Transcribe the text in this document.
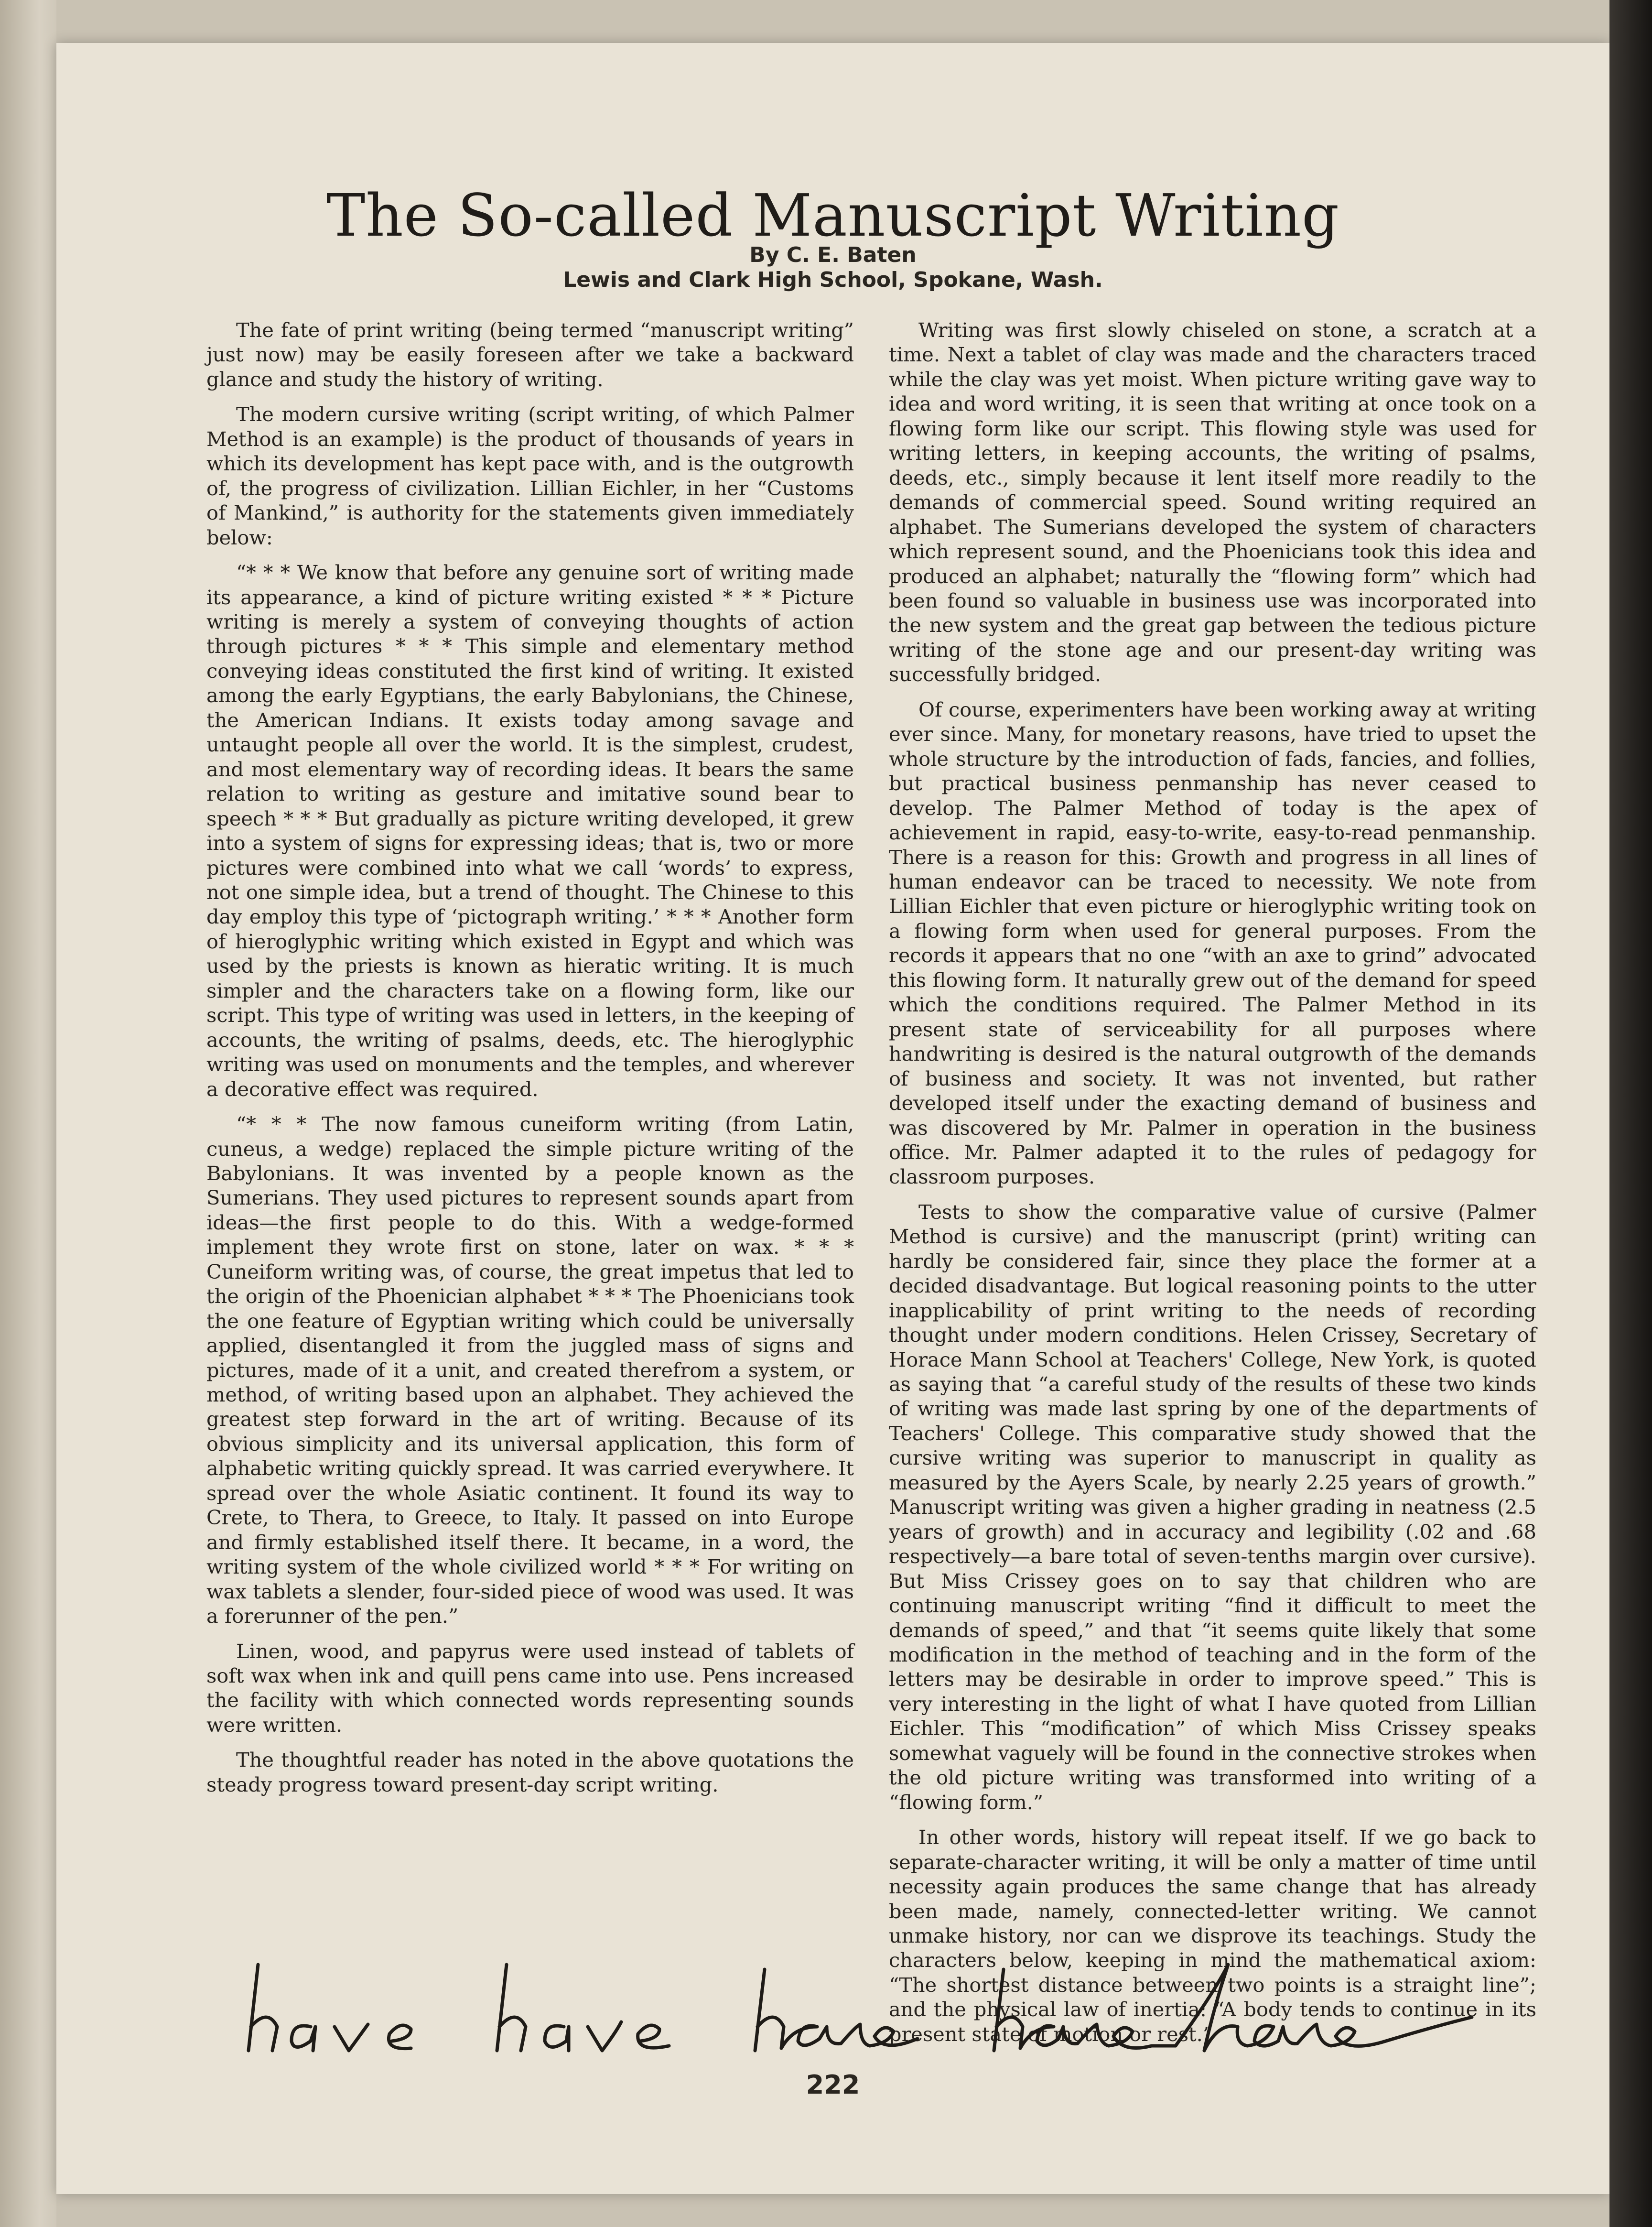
The So-called Manuscript Writing
By C. E. Baten
Lewis and Clark High School, Spokane, Wash.

The fate of print writing (being termed “manuscript writing” just now) may be easily foreseen after we take a backward glance and study the history of writing.

The modern cursive writing (script writing, of which Palmer Method is an example) is the product of thousands of years in which its development has kept pace with, and is the outgrowth of, the progress of civilization. Lillian Eichler, in her “Customs of Mankind,” is authority for the statements given immediately below:

“* * * We know that before any genuine sort of writing made its appearance, a kind of picture writing existed * * * Picture writing is merely a system of conveying thoughts of action through pictures * * * This simple and elementary method conveying ideas constituted the first kind of writing. It existed among the early Egyptians, the early Babylonians, the Chinese, the American Indians. It exists today among savage and untaught people all over the world. It is the simplest, crudest, and most elementary way of recording ideas. It bears the same relation to writing as gesture and imitative sound bear to speech * * * But gradually as picture writing developed, it grew into a system of signs for expressing ideas; that is, two or more pictures were combined into what we call ‘words’ to express, not one simple idea, but a trend of thought. The Chinese to this day employ this type of ‘pictograph writing.’ * * * Another form of hieroglyphic writing which existed in Egypt and which was used by the priests is known as hieratic writing. It is much simpler and the characters take on a flowing form, like our script. This type of writing was used in letters, in the keeping of accounts, the writing of psalms, deeds, etc. The hieroglyphic writing was used on monuments and the temples, and wherever a decorative effect was required.

“* * * The now famous cuneiform writing (from Latin, cuneus, a wedge) replaced the simple picture writing of the Babylonians. It was invented by a people known as the Sumerians. They used pictures to represent sounds apart from ideas—the first people to do this. With a wedge-formed implement they wrote first on stone, later on wax. * * * Cuneiform writing was, of course, the great impetus that led to the origin of the Phoenician alphabet * * * The Phoenicians took the one feature of Egyptian writing which could be universally applied, disentangled it from the juggled mass of signs and pictures, made of it a unit, and created therefrom a system, or method, of writing based upon an alphabet. They achieved the greatest step forward in the art of writing. Because of its obvious simplicity and its universal application, this form of alphabetic writing quickly spread. It was carried everywhere. It spread over the whole Asiatic continent. It found its way to Crete, to Thera, to Greece, to Italy. It passed on into Europe and firmly established itself there. It became, in a word, the writing system of the whole civilized world * * * For writing on wax tablets a slender, four-sided piece of wood was used. It was a forerunner of the pen.”

Linen, wood, and papyrus were used instead of tablets of soft wax when ink and quill pens came into use. Pens increased the facility with which connected words representing sounds were written.

The thoughtful reader has noted in the above quotations the steady progress toward present-day script writing.

Writing was first slowly chiseled on stone, a scratch at a time. Next a tablet of clay was made and the characters traced while the clay was yet moist. When picture writing gave way to idea and word writing, it is seen that writing at once took on a flowing form like our script. This flowing style was used for writing letters, in keeping accounts, the writing of psalms, deeds, etc., simply because it lent itself more readily to the demands of commercial speed. Sound writing required an alphabet. The Sumerians developed the system of characters which represent sound, and the Phoenicians took this idea and produced an alphabet; naturally the “flowing form” which had been found so valuable in business use was incorporated into the new system and the great gap between the tedious picture writing of the stone age and our present-day writing was successfully bridged.

Of course, experimenters have been working away at writing ever since. Many, for monetary reasons, have tried to upset the whole structure by the introduction of fads, fancies, and follies, but practical business penmanship has never ceased to develop. The Palmer Method of today is the apex of achievement in rapid, easy-to-write, easy-to-read penmanship. There is a reason for this: Growth and progress in all lines of human endeavor can be traced to necessity. We note from Lillian Eichler that even picture or hieroglyphic writing took on a flowing form when used for general purposes. From the records it appears that no one “with an axe to grind” advocated this flowing form. It naturally grew out of the demand for speed which the conditions required. The Palmer Method in its present state of serviceability for all purposes where handwriting is desired is the natural outgrowth of the demands of business and society. It was not invented, but rather developed itself under the exacting demand of business and was discovered by Mr. Palmer in operation in the business office. Mr. Palmer adapted it to the rules of pedagogy for classroom purposes.

Tests to show the comparative value of cursive (Palmer Method is cursive) and the manuscript (print) writing can hardly be considered fair, since they place the former at a decided disadvantage. But logical reasoning points to the utter inapplicability of print writing to the needs of recording thought under modern conditions. Helen Crissey, Secretary of Horace Mann School at Teachers' College, New York, is quoted as saying that “a careful study of the results of these two kinds of writing was made last spring by one of the departments of Teachers' College. This comparative study showed that the cursive writing was superior to manuscript in quality as measured by the Ayers Scale, by nearly 2.25 years of growth.” Manuscript writing was given a higher grading in neatness (2.5 years of growth) and in accuracy and legibility (.02 and .68 respectively—a bare total of seven-tenths margin over cursive). But Miss Crissey goes on to say that children who are continuing manuscript writing “find it difficult to meet the demands of speed,” and that “it seems quite likely that some modification in the method of teaching and in the form of the letters may be desirable in order to improve speed.” This is very interesting in the light of what I have quoted from Lillian Eichler. This “modification” of which Miss Crissey speaks somewhat vaguely will be found in the connective strokes when the old picture writing was transformed into writing of a “flowing form.”

In other words, history will repeat itself. If we go back to separate-character writing, it will be only a matter of time until necessity again produces the same change that has already been made, namely, connected-letter writing. We cannot unmake history, nor can we disprove its teachings. Study the characters below, keeping in mind the mathematical axiom: “The shortest distance between two points is a straight line”; and the physical law of inertia: “A body tends to continue in its present state of motion or rest.”

222
